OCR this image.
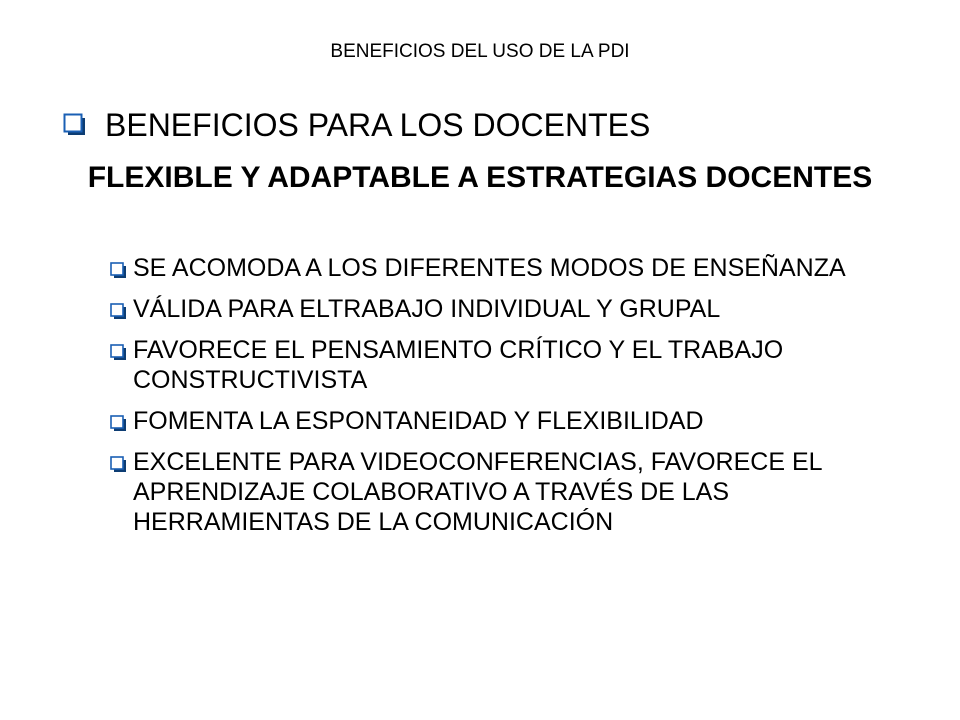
BENEFICIOS DEL USO DE LA PDI
BENEFICIOS PARA LOS DOCENTES
FLEXIBLE Y ADAPTABLE A ESTRATEGIAS DOCENTES
SE ACOMODA A LOS DIFERENTES MODOS DE ENSEÑANZA
VÁLIDA PARA ELTRABAJO INDIVIDUAL Y GRUPAL
FAVORECE EL PENSAMIENTO CRÍTICO Y EL TRABAJO CONSTRUCTIVISTA
FOMENTA LA ESPONTANEIDAD Y FLEXIBILIDAD
EXCELENTE PARA VIDEOCONFERENCIAS, FAVORECE EL APRENDIZAJE COLABORATIVO A TRAVÉS DE LAS HERRAMIENTAS DE LA COMUNICACIÓN
